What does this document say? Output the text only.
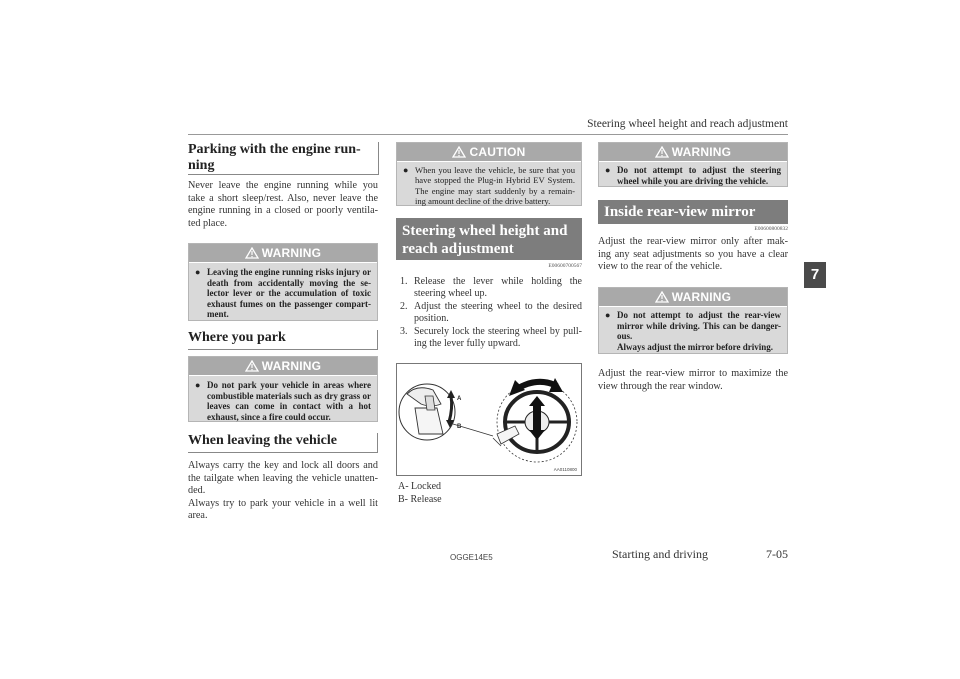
Steering wheel height and reach adjustment
7
Parking with the engine run-ning
Never leave the engine running while you take a short sleep/rest. Also, never leave the engine running in a closed or poorly ventila-ted place.
WARNING
● Leaving the engine running risks injury or death from accidentally moving the se-lector lever or the accumulation of toxic exhaust fumes on the passenger compart-ment.
Where you park
WARNING
● Do not park your vehicle in areas where combustible materials such as dry grass or leaves can come in contact with a hot exhaust, since a fire could occur.
When leaving the vehicle
Always carry the key and lock all doors and the tailgate when leaving the vehicle unatten-ded.
Always try to park your vehicle in a well lit area.
CAUTION
● When you leave the vehicle, be sure that you have stopped the Plug-in Hybrid EV System. The engine may start suddenly by a remain-ing amount decline of the drive battery.
Steering wheel height and reach adjustment
E00600700567
1. Release the lever while holding the steering wheel up.
2. Adjust the steering wheel to the desired position.
3. Securely lock the steering wheel by pull-ing the lever fully upward.
A
B
AA0110800
A- Locked
B- Release
WARNING
● Do not attempt to adjust the steering wheel while you are driving the vehicle.
Inside rear-view mirror
E00600800832
Adjust the rear-view mirror only after mak-ing any seat adjustments so you have a clear view to the rear of the vehicle.
WARNING
● Do not attempt to adjust the rear-view mirror while driving. This can be danger-ous.
Always adjust the mirror before driving.
Adjust the rear-view mirror to maximize the view through the rear window.
OGGE14E5	Starting and driving	7-05
